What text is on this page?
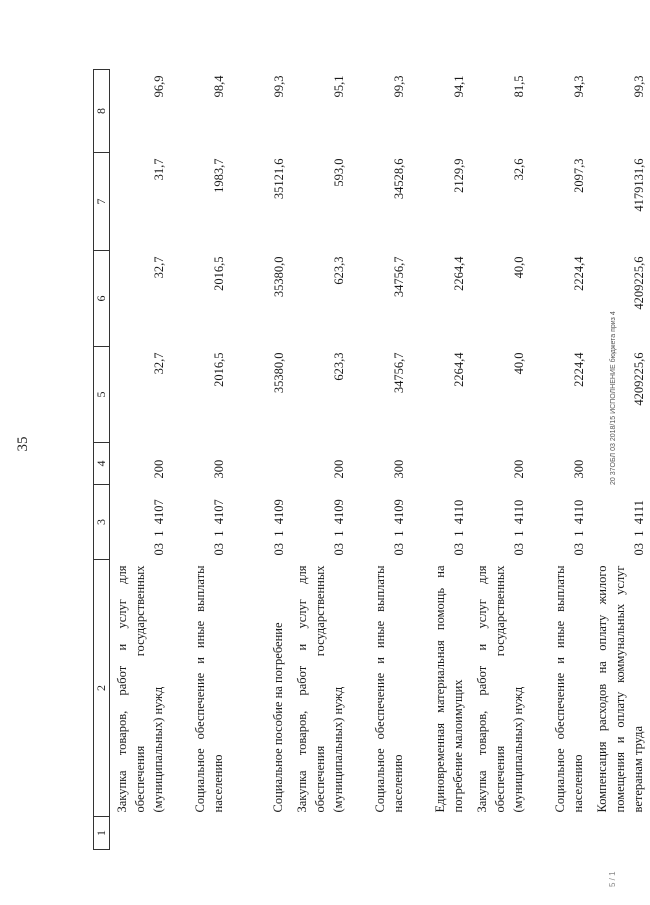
35
1	2	3	4	5	6	7	8
	Закупка товаров, работ и услуг для обеспечения государственных (муниципальных) нужд	03  1  4107	200	32,7	32,7	31,7	96,9
	Социальное обеспечение и иные выплаты населению	03  1  4107	300	2016,5	2016,5	1983,7	98,4
	Социальное пособие на погребение	03  1  4109		35380,0	35380,0	35121,6	99,3
	Закупка товаров, работ и услуг для обеспечения государственных (муниципальных) нужд	03  1  4109	200	623,3	623,3	593,0	95,1
	Социальное обеспечение и иные выплаты населению	03  1  4109	300	34756,7	34756,7	34528,6	99,3
	Единовременная материальная помощь на погребение малоимущих	03  1  4110		2264,4	2264,4	2129,9	94,1
	Закупка товаров, работ и услуг для обеспечения государственных (муниципальных) нужд	03  1  4110	200	40,0	40,0	32,6	81,5
	Социальное обеспечение и иные выплаты населению	03  1  4110	300	2224,4	2224,4	2097,3	94,3
	Компенсация расходов на оплату жилого помещения и оплату коммунальных услуг ветеранам труда	03  1  4111		4209225,6	4209225,6	4179131,6	99,3
20 37ОБЛ 03 2018/15 ИСПОЛНЕНИЕ бюджета приз 4
5 / 1
